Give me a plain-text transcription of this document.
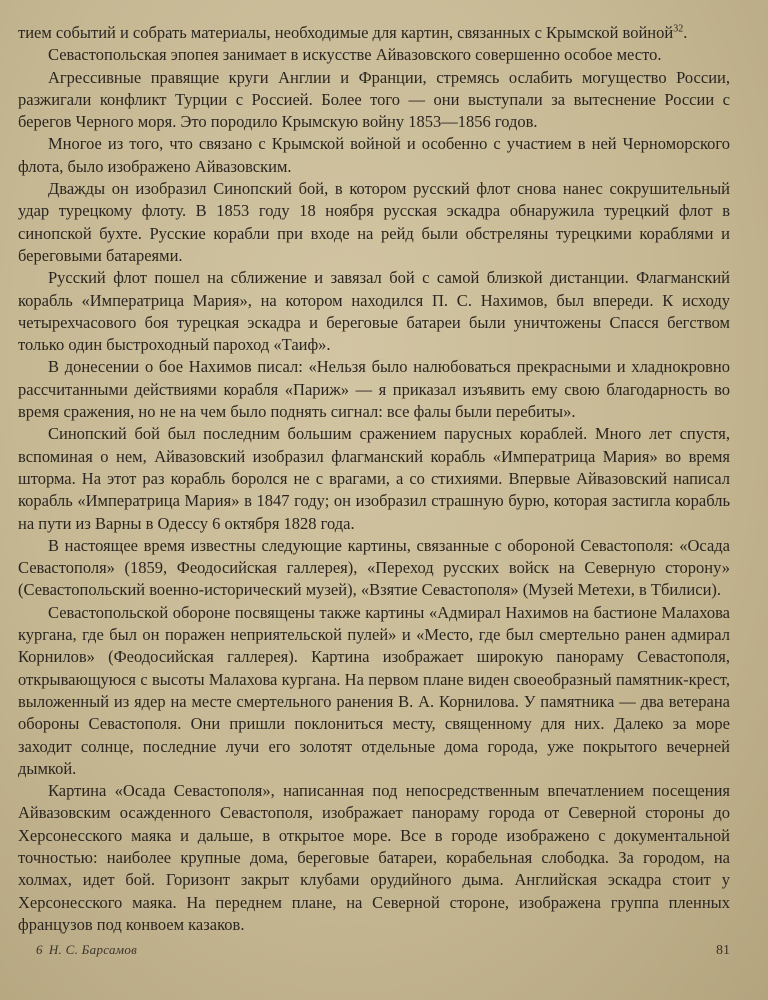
тием событий и собрать материалы, необходимые для картин, связанных с Крымской войной$^{32}$.

Севастопольская эпопея занимает в искусстве Айвазовского совершенно особое место.

Агрессивные правящие круги Англии и Франции, стремясь ослабить могущество России, разжигали конфликт Турции с Россией. Более того — они выступали за вытеснение России с берегов Черного моря. Это породило Крымскую войну 1853—1856 годов.

Многое из того, что связано с Крымской войной и особенно с участием в ней Черноморского флота, было изображено Айвазовским.

Дважды он изобразил Синопский бой, в котором русский флот снова нанес сокрушительный удар турецкому флоту. В 1853 году 18 ноября русская эскадра обнаружила турецкий флот в синопской бухте. Русские корабли при входе на рейд были обстреляны турецкими кораблями и береговыми батареями.

Русский флот пошел на сближение и завязал бой с самой близкой дистанции. Флагманский корабль «Императрица Мария», на котором находился П. С. Нахимов, был впереди. К исходу четырехчасового боя турецкая эскадра и береговые батареи были уничтожены Спасся бегством только один быстроходный пароход «Таиф».

В донесении о бое Нахимов писал: «Нельзя было налюбоваться прекрасными и хладнокровно рассчитанными действиями корабля «Париж» — я приказал изъявить ему свою благодарность во время сражения, но не на чем было поднять сигнал: все фалы были перебиты».

Синопский бой был последним большим сражением парусных кораблей. Много лет спустя, вспоминая о нем, Айвазовский изобразил флагманский корабль «Императрица Мария» во время шторма. На этот раз корабль боролся не с врагами, а со стихиями. Впервые Айвазовский написал корабль «Императрица Мария» в 1847 году; он изобразил страшную бурю, которая застигла корабль на пути из Варны в Одессу 6 октября 1828 года.

В настоящее время известны следующие картины, связанные с обороной Севастополя: «Осада Севастополя» (1859, Феодосийская галлерея), «Переход русских войск на Северную сторону» (Севастопольский военно-исторический музей), «Взятие Севастополя» (Музей Метехи, в Тбилиси).

Севастопольской обороне посвящены также картины «Адмирал Нахимов на бастионе Малахова кургана, где был он поражен неприятельской пулей» и «Место, где был смертельно ранен адмирал Корнилов» (Феодосийская галлерея). Картина изображает широкую панораму Севастополя, открывающуюся с высоты Малахова кургана. На первом плане виден своеобразный памятник-крест, выложенный из ядер на месте смертельного ранения В. А. Корнилова. У памятника — два ветерана обороны Севастополя. Они пришли поклониться месту, священному для них. Далеко за море заходит солнце, последние лучи его золотят отдельные дома города, уже покрытого вечерней дымкой.

Картина «Осада Севастополя», написанная под непосредственным впечатлением посещения Айвазовским осажденного Севастополя, изображает панораму города от Северной стороны до Херсонесского маяка и дальше, в открытое море. Все в городе изображено с документальной точностью: наиболее крупные дома, береговые батареи, корабельная слободка. За городом, на холмах, идет бой. Горизонт закрыт клубами орудийного дыма. Английская эскадра стоит у Херсонесского маяка. На переднем плане, на Северной стороне, изображена группа пленных французов под конвоем казаков.

6 Н. С. Барсамов	81
